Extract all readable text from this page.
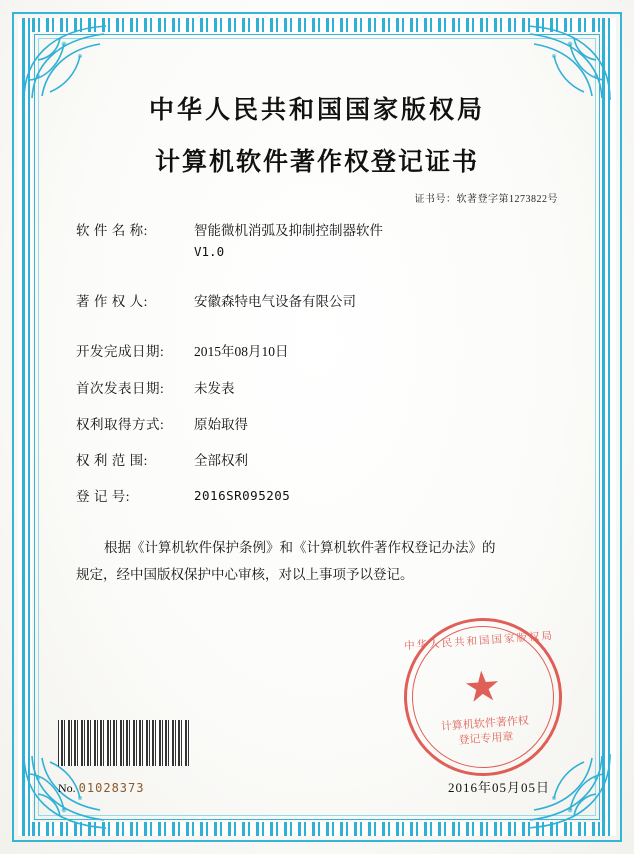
中华人民共和国国家版权局
计算机软件著作权登记证书
证书号：软著登字第1273822号
软 件 名 称:	智能微机消弧及抑制控制器软件
V1.0
著 作 权 人:	安徽森特电气设备有限公司
开发完成日期:	2015年08月10日
首次发表日期:	未发表
权利取得方式:	原始取得
权 利 范 围:	全部权利
登 记 号:	2016SR095205
根据《计算机软件保护条例》和《计算机软件著作权登记办法》的
规定，经中国版权保护中心审核，对以上事项予以登记。
中华人民共和国国家版权局
★
计算机软件著作权
登记专用章
No. 01028373	2016年05月05日
